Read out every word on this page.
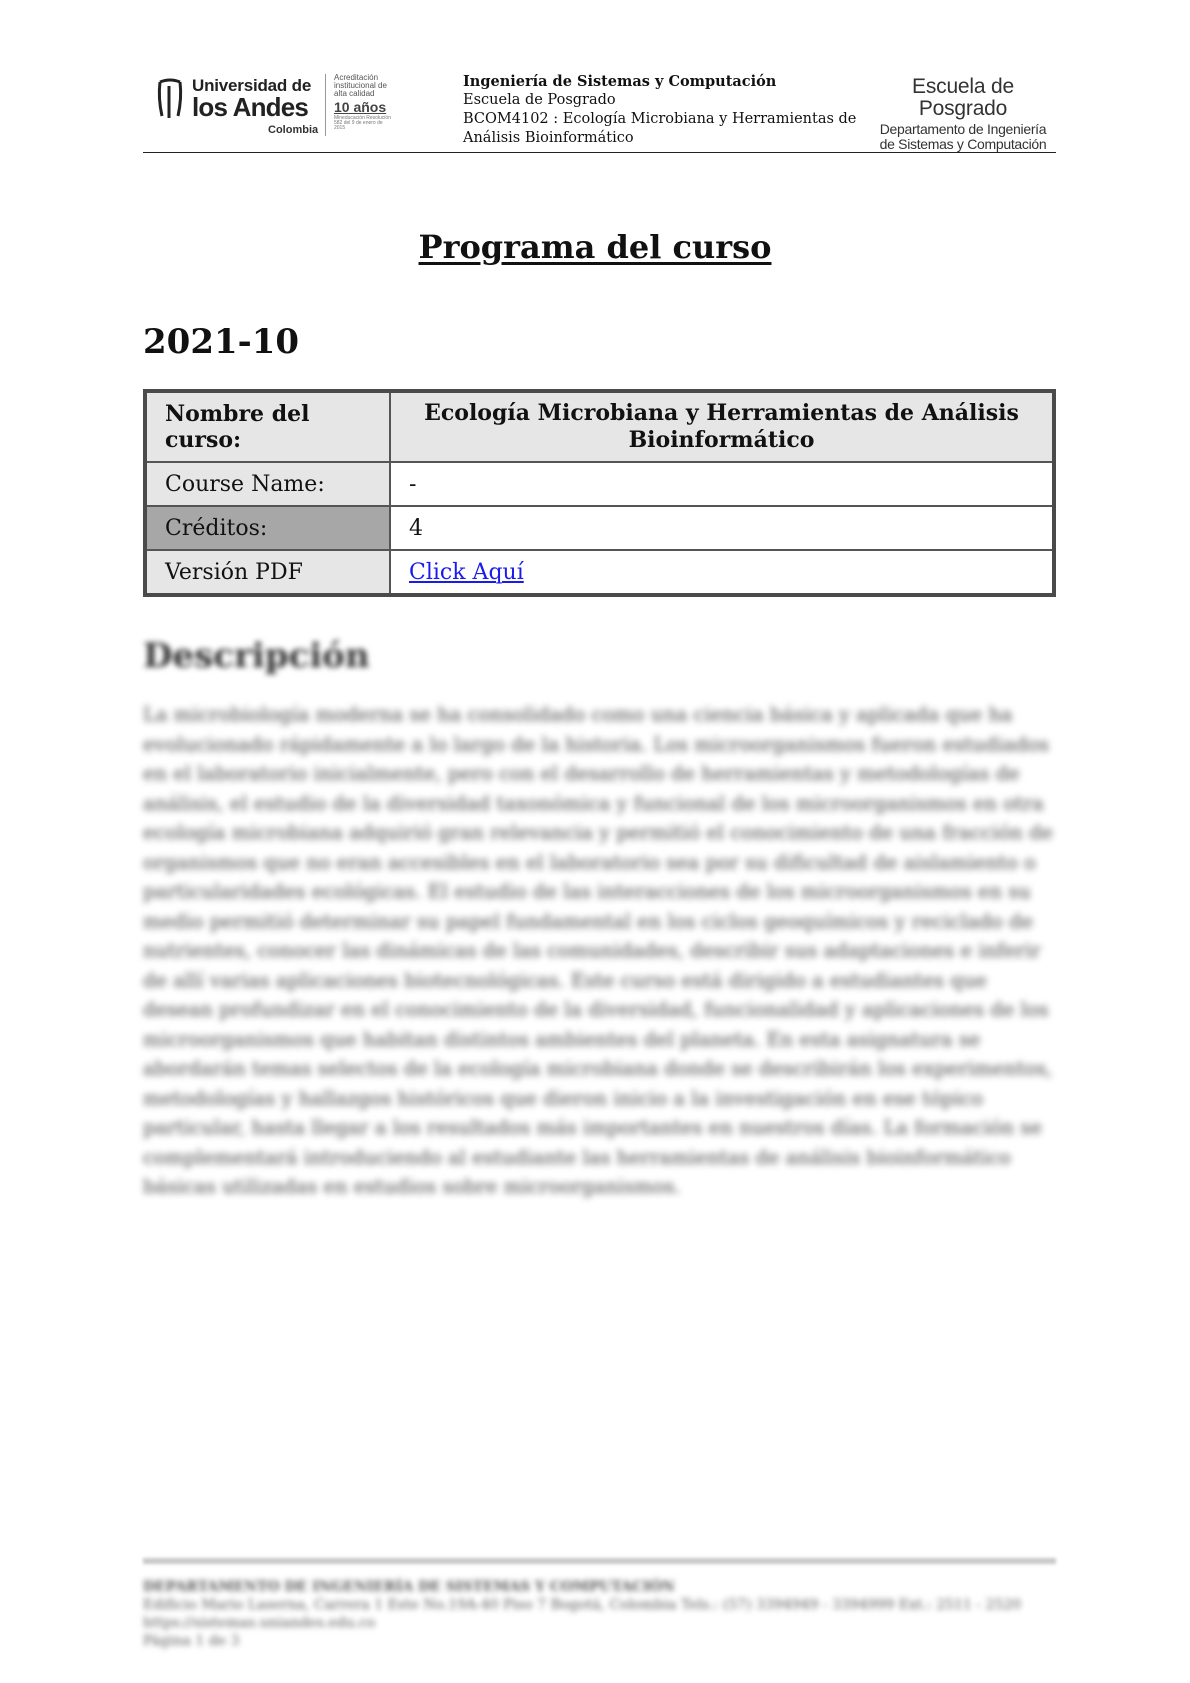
Universidad de
los Andes
Colombia
Acreditación institucional de alta calidad
10 años
Mineducación Resolución 582 del 9 de enero de 2015
Ingeniería de Sistemas y Computación
Escuela de Posgrado
BCOM4102 : Ecología Microbiana y Herramientas de
Análisis Bioinformático
Escuela de Posgrado
Departamento de Ingeniería
de Sistemas y Computación
Programa del curso
2021-10
Nombre del curso:	Ecología Microbiana y Herramientas de Análisis Bioinformático
Course Name:	-
Créditos:	4
Versión PDF	Click Aquí
Descripción
La microbiología moderna se ha consolidado como una ciencia básica y aplicada que ha evolucionado rápidamente a lo largo de la historia. Los microorganismos fueron estudiados en el laboratorio inicialmente, pero con el desarrollo de herramientas y metodologías de análisis, el estudio de la diversidad taxonómica y funcional de los microorganismos en otra ecología microbiana adquirió gran relevancia y permitió el conocimiento de una fracción de organismos que no eran accesibles en el laboratorio sea por su dificultad de aislamiento o particularidades ecológicas. El estudio de las interacciones de los microorganismos en su medio permitió determinar su papel fundamental en los ciclos geoquímicos y reciclado de nutrientes, conocer las dinámicas de las comunidades, describir sus adaptaciones e inferir de allí varias aplicaciones biotecnológicas. Este curso está dirigido a estudiantes que desean profundizar en el conocimiento de la diversidad, funcionalidad y aplicaciones de los microorganismos que habitan distintos ambientes del planeta. En esta asignatura se abordarán temas selectos de la ecología microbiana donde se describirán los experimentos, metodologías y hallazgos históricos que dieron inicio a la investigación en ese tópico particular, hasta llegar a los resultados más importantes en nuestros días. La formación se complementará introduciendo al estudiante las herramientas de análisis bioinformático básicas utilizadas en estudios sobre microorganismos.
DEPARTAMENTO DE INGENIERÍA DE SISTEMAS Y COMPUTACIÓN
Edificio Mario Laserna, Carrera 1 Este No.19A-40 Piso 7 Bogotá, Colombia Tels.: (57) 3394949 - 3394999 Ext.: 2511 - 2520
https://sistemas.uniandes.edu.co
Página 1 de 3
